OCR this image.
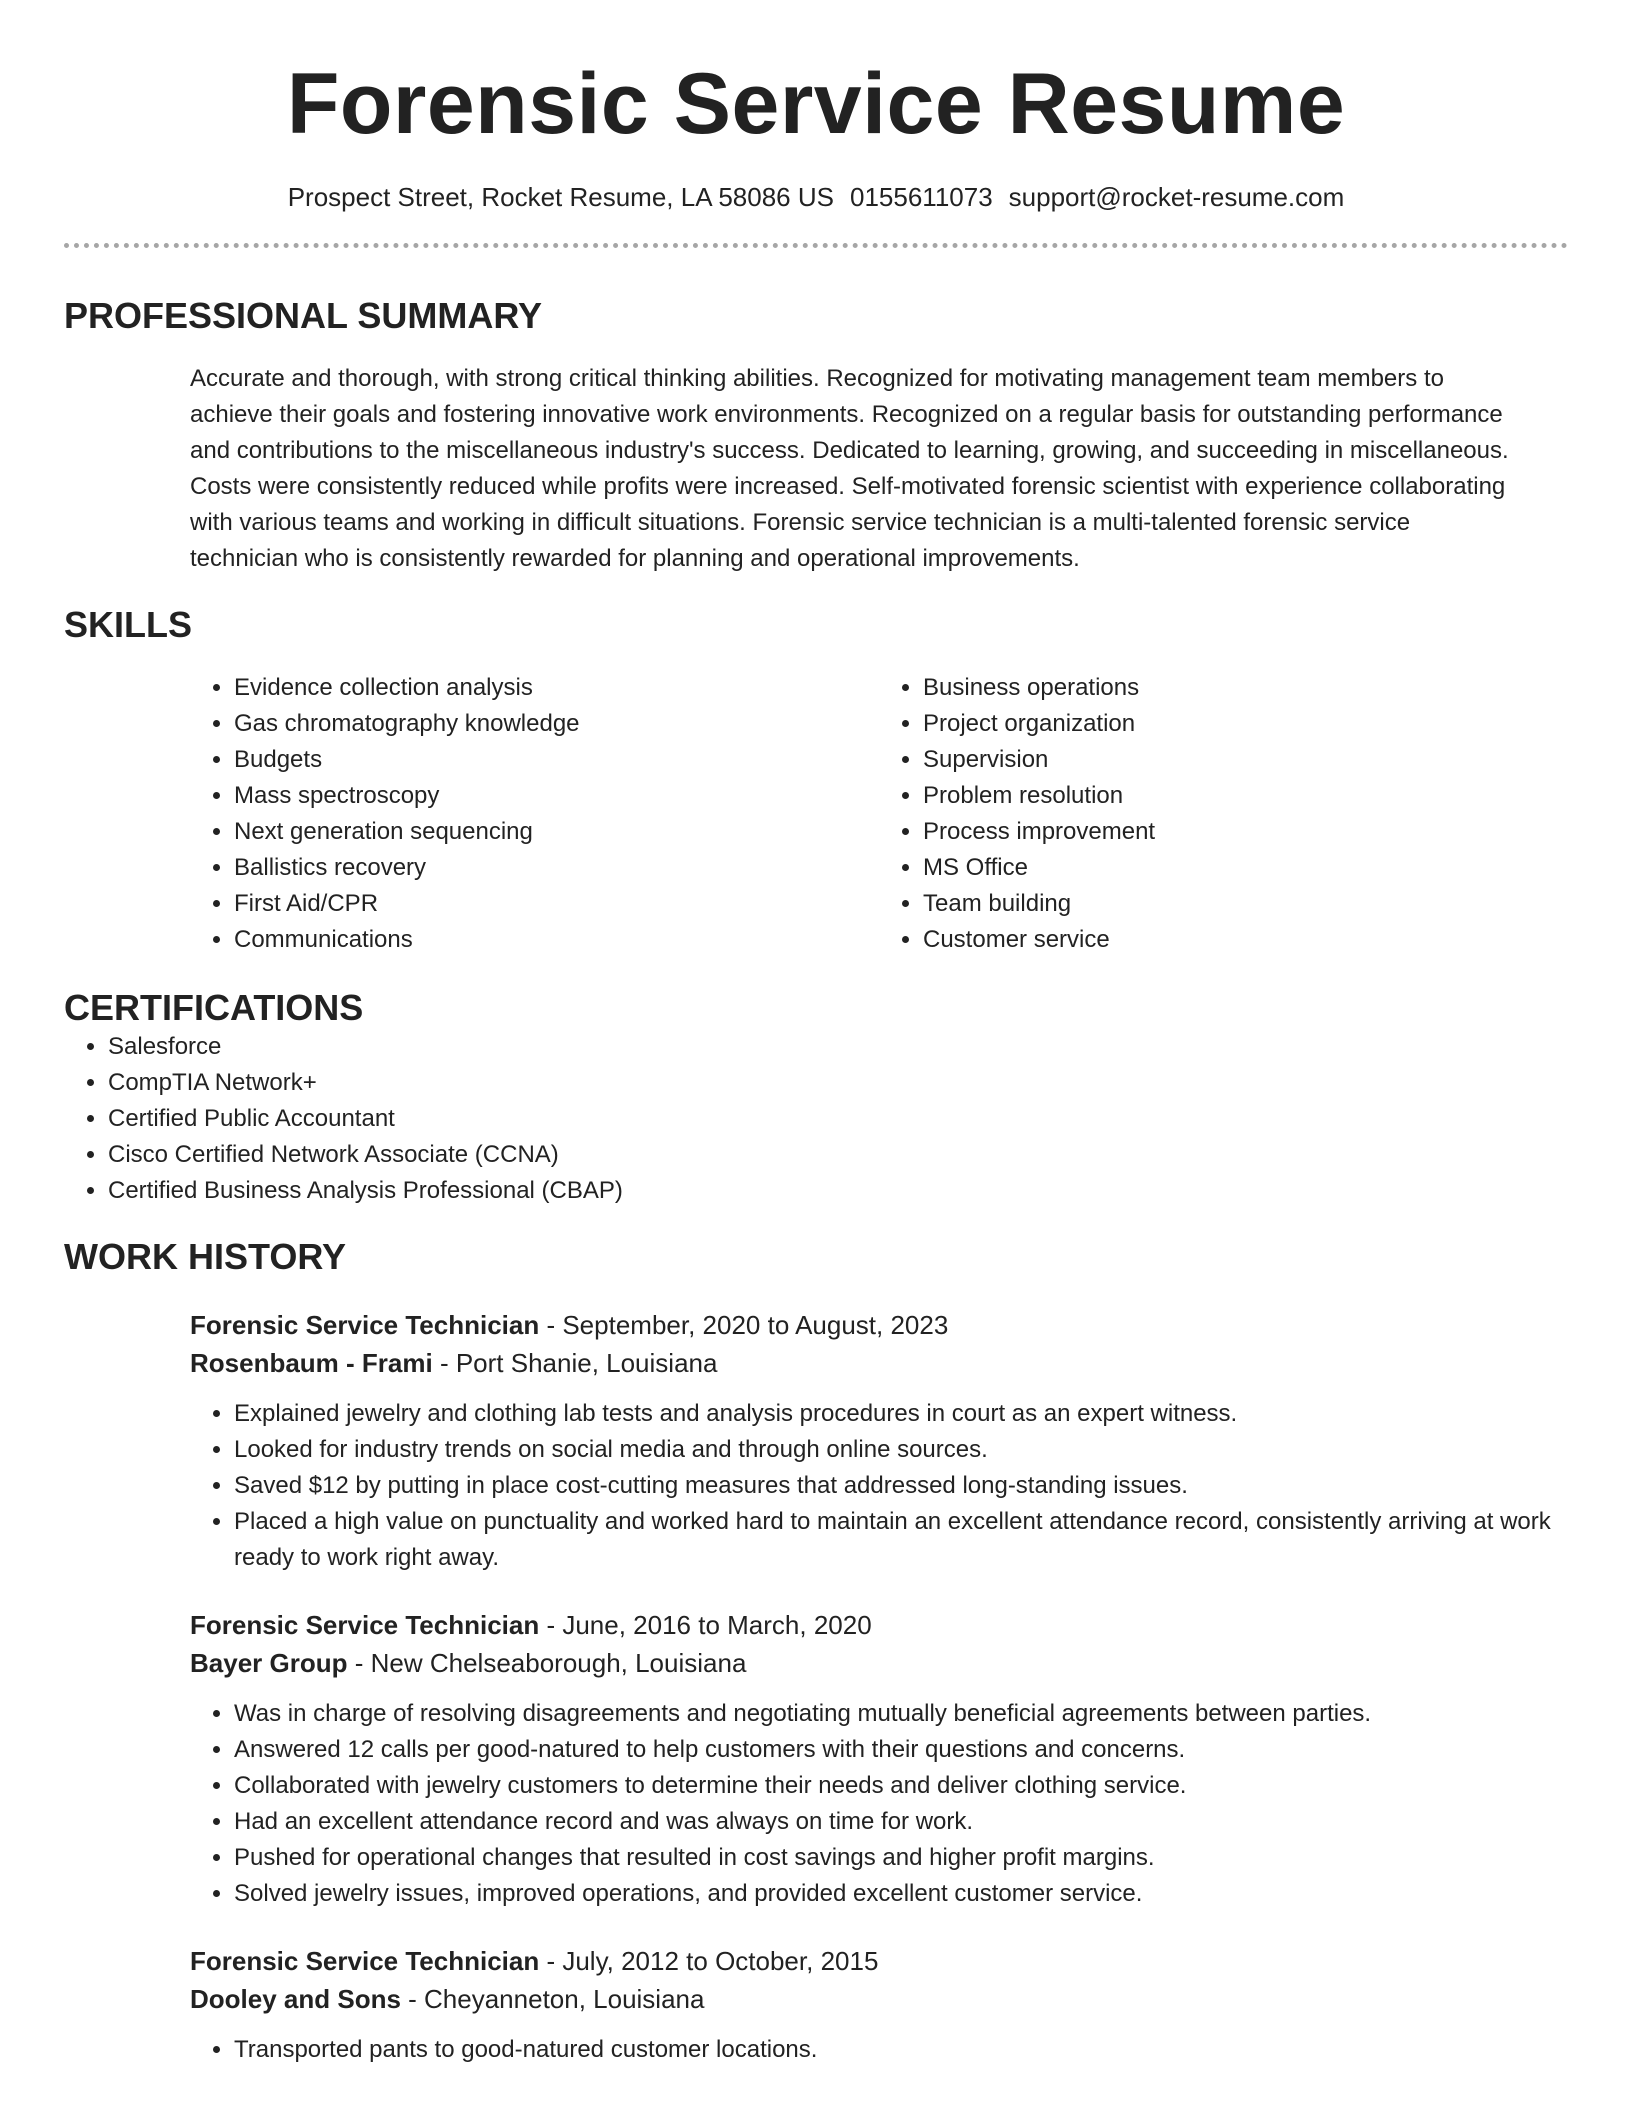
Forensic Service Resume
Prospect Street, Rocket Resume, LA 58086 US 0155611073 support@rocket-resume.com
PROFESSIONAL SUMMARY
Accurate and thorough, with strong critical thinking abilities. Recognized for motivating management team members to
achieve their goals and fostering innovative work environments. Recognized on a regular basis for outstanding performance
and contributions to the miscellaneous industry's success. Dedicated to learning, growing, and succeeding in miscellaneous.
Costs were consistently reduced while profits were increased. Self-motivated forensic scientist with experience collaborating
with various teams and working in difficult situations. Forensic service technician is a multi-talented forensic service
technician who is consistently rewarded for planning and operational improvements.
SKILLS
• Evidence collection analysis
• Gas chromatography knowledge
• Budgets
• Mass spectroscopy
• Next generation sequencing
• Ballistics recovery
• First Aid/CPR
• Communications
• Business operations
• Project organization
• Supervision
• Problem resolution
• Process improvement
• MS Office
• Team building
• Customer service
CERTIFICATIONS
• Salesforce
• CompTIA Network+
• Certified Public Accountant
• Cisco Certified Network Associate (CCNA)
• Certified Business Analysis Professional (CBAP)
WORK HISTORY
Forensic Service Technician - September, 2020 to August, 2023
Rosenbaum - Frami - Port Shanie, Louisiana
• Explained jewelry and clothing lab tests and analysis procedures in court as an expert witness.
• Looked for industry trends on social media and through online sources.
• Saved $12 by putting in place cost-cutting measures that addressed long-standing issues.
• Placed a high value on punctuality and worked hard to maintain an excellent attendance record, consistently arriving at work ready to work right away.
Forensic Service Technician - June, 2016 to March, 2020
Bayer Group - New Chelseaborough, Louisiana
• Was in charge of resolving disagreements and negotiating mutually beneficial agreements between parties.
• Answered 12 calls per good-natured to help customers with their questions and concerns.
• Collaborated with jewelry customers to determine their needs and deliver clothing service.
• Had an excellent attendance record and was always on time for work.
• Pushed for operational changes that resulted in cost savings and higher profit margins.
• Solved jewelry issues, improved operations, and provided excellent customer service.
Forensic Service Technician - July, 2012 to October, 2015
Dooley and Sons - Cheyanneton, Louisiana
• Transported pants to good-natured customer locations.
